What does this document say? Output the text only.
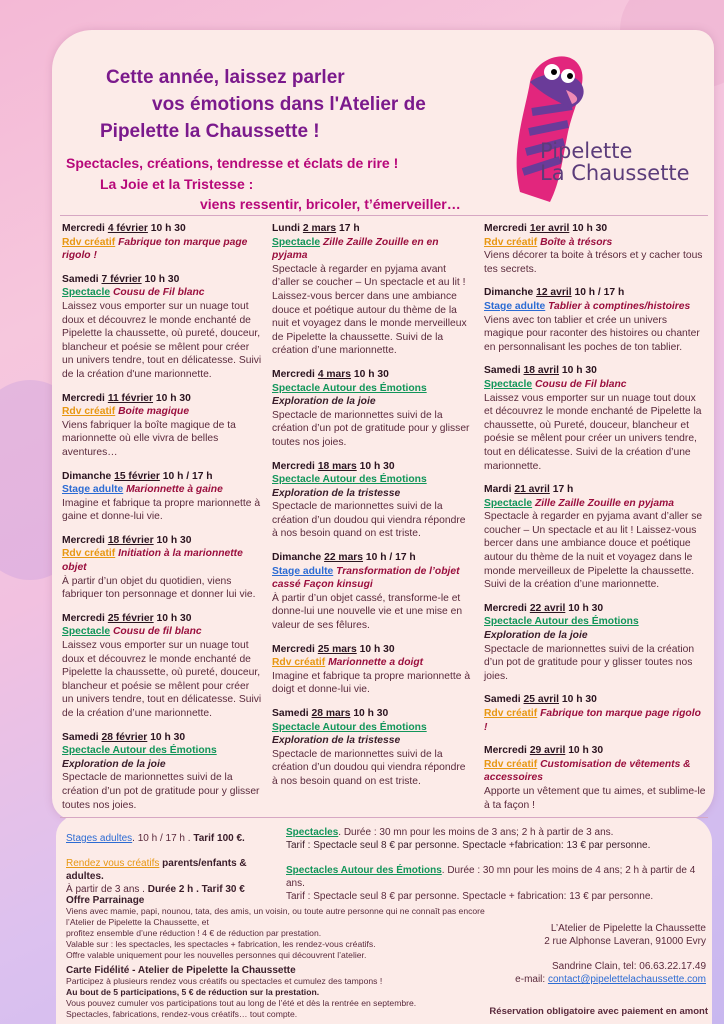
Cette année, laissez parler
vos émotions dans l'Atelier de
Pipelette la Chaussette !
Spectacles, créations, tendresse et éclats de rire !
La Joie et la Tristesse :
viens ressentir, bricoler, t’émerveiller…
Pipelette
La Chaussette
Mercredi 4 février 10 h 30
Rdv créatif Fabrique ton marque page rigolo !
Samedi 7 février 10 h 30
Spectacle Cousu de Fil blanc
Laissez vous emporter sur un nuage tout doux et découvrez le monde enchanté de Pipelette la chaussette, où pureté, douceur, blancheur et poésie se mêlent pour créer un univers tendre, tout en délicatesse. Suivi de la création d'une marionnette.
Mercredi 11 février 10 h 30
Rdv créatif Boite magique
Viens fabriquer la boîte magique de ta marionnette où elle vivra de belles aventures…
Dimanche 15 février 10 h / 17 h
Stage adulte Marionnette à gaine
Imagine et fabrique ta propre marionnette à gaine et donne-lui vie.
Mercredi 18 février 10 h 30
Rdv créatif Initiation à la marionnette objet
À partir d’un objet du quotidien, viens fabriquer ton personnage et donner lui vie.
Mercredi 25 février 10 h 30
Spectacle Cousu de fil blanc
Laissez vous emporter sur un nuage tout doux et découvrez le monde enchanté de Pipelette la chaussette, où pureté, douceur, blancheur et poésie se mêlent pour créer un univers tendre, tout en délicatesse. Suivi de la création d’une marionnette.
Samedi 28 février 10 h 30
Spectacle Autour des Émotions
Exploration de la joie
Spectacle de marionnettes suivi de la création d’un pot de gratitude pour y glisser toutes nos joies.
Lundi 2 mars 17 h
Spectacle Zille Zaille Zouille en en pyjama
Spectacle à regarder en pyjama avant d’aller se coucher – Un spectacle et au lit ! Laissez-vous bercer dans une ambiance douce et poétique autour du thème de la nuit et voyagez dans le monde merveilleux de Pipelette la chaussette. Suivi de la création d’une marionnette.
Mercredi 4 mars 10 h 30
Spectacle Autour des Émotions
Exploration de la joie
Spectacle de marionnettes suivi de la création d’un pot de gratitude pour y glisser toutes nos joies.
Mercredi 18 mars 10 h 30
Spectacle Autour des Émotions
Exploration de la tristesse
Spectacle de marionnettes suivi de la création d’un doudou qui viendra répondre à nos besoin quand on est triste.
Dimanche 22 mars 10 h / 17 h
Stage adulte Transformation de l’objet cassé Façon kinsugi
À partir d’un objet cassé, transforme-le et donne-lui une nouvelle vie et une mise en valeur de ses fêlures.
Mercredi 25 mars 10 h 30
Rdv créatif Marionnette a doigt
Imagine et fabrique ta propre marionnette à doigt et donne-lui vie.
Samedi 28 mars 10 h 30
Spectacle Autour des Émotions
Exploration de la tristesse
Spectacle de marionnettes suivi de la création d’un doudou qui viendra répondre à nos besoin quand on est triste.
Mercredi 1er avril 10 h 30
Rdv créatif Boîte à trésors
Viens décorer ta boite à trésors et y cacher tous tes secrets.
Dimanche 12 avril 10 h / 17 h
Stage adulte Tablier à comptines/histoires
Viens avec ton tablier et crée un univers magique pour raconter des histoires ou chanter en personnalisant les poches de ton tablier.
Samedi 18 avril 10 h 30
Spectacle Cousu de Fil blanc
Laissez vous emporter sur un nuage tout doux et découvrez le monde enchanté de Pipelette la chaussette, où Pureté, douceur, blancheur et poésie se mêlent pour créer un univers tendre, tout en délicatesse. Suivi de la création d’une marionnette.
Mardi 21 avril 17 h
Spectacle Zille Zaille Zouille en pyjama
Spectacle à regarder en pyjama avant d’aller se coucher – Un spectacle et au lit ! Laissez-vous bercer dans une ambiance douce et poétique autour du thème de la nuit et voyagez dans le monde merveilleux de Pipelette la chaussette. Suivi de la création d’une marionnette.
Mercredi 22 avril 10 h 30
Spectacle Autour des Émotions
Exploration de la joie
Spectacle de marionnettes suivi de la création d’un pot de gratitude pour y glisser toutes nos joies.
Samedi 25 avril 10 h 30
Rdv créatif Fabrique ton marque page rigolo !
Mercredi 29 avril 10 h 30
Rdv créatif Customisation de vêtements & accessoires
Apporte un vêtement que tu aimes, et sublime-le à ta façon !
Stages adultes. 10 h / 17 h . Tarif 100 €.
Rendez vous créatifs parents/enfants & adultes.
À partir de 3 ans . Durée 2 h . Tarif 30 €
Spectacles. Durée : 30 mn pour les moins de 3 ans; 2 h à partir de 3 ans.
Tarif : Spectacle seul 8 € par personne. Spectacle +fabrication: 13 € par personne.
Spectacles Autour des Émotions. Durée : 30 mn pour les moins de 4 ans; 2 h à partir de 4 ans.
Tarif : Spectacle seul 8 € par personne. Spectacle + fabrication: 13 € par personne.
Offre Parrainage
Viens avec mamie, papi, nounou, tata, des amis, un voisin, ou toute autre personne qui ne connaît pas encore l’Atelier de Pipelette la Chaussette, et
profitez ensemble d’une réduction ! 4 € de réduction par prestation.
Valable sur : les spectacles, les spectacles + fabrication, les rendez-vous créatifs.
Offre valable uniquement pour les nouvelles personnes qui découvrent l’atelier.
Carte Fidélité - Atelier de Pipelette la Chaussette
Participez à plusieurs rendez vous créatifs ou spectacles et cumulez des tampons !
Au bout de 5 participations, 5 € de réduction sur la prestation.
Vous pouvez cumuler vos participations tout au long de l’été et dès la rentrée en septembre.
Spectacles, fabrications, rendez-vous créatifs… tout compte.
L’Atelier de Pipelette la Chaussette
2 rue Alphonse Laveran, 91000 Evry
Sandrine Clain, tel: 06.63.22.17.49
e-mail: contact@pipelettelachaussette.com
Réservation obligatoire avec paiement en amont
